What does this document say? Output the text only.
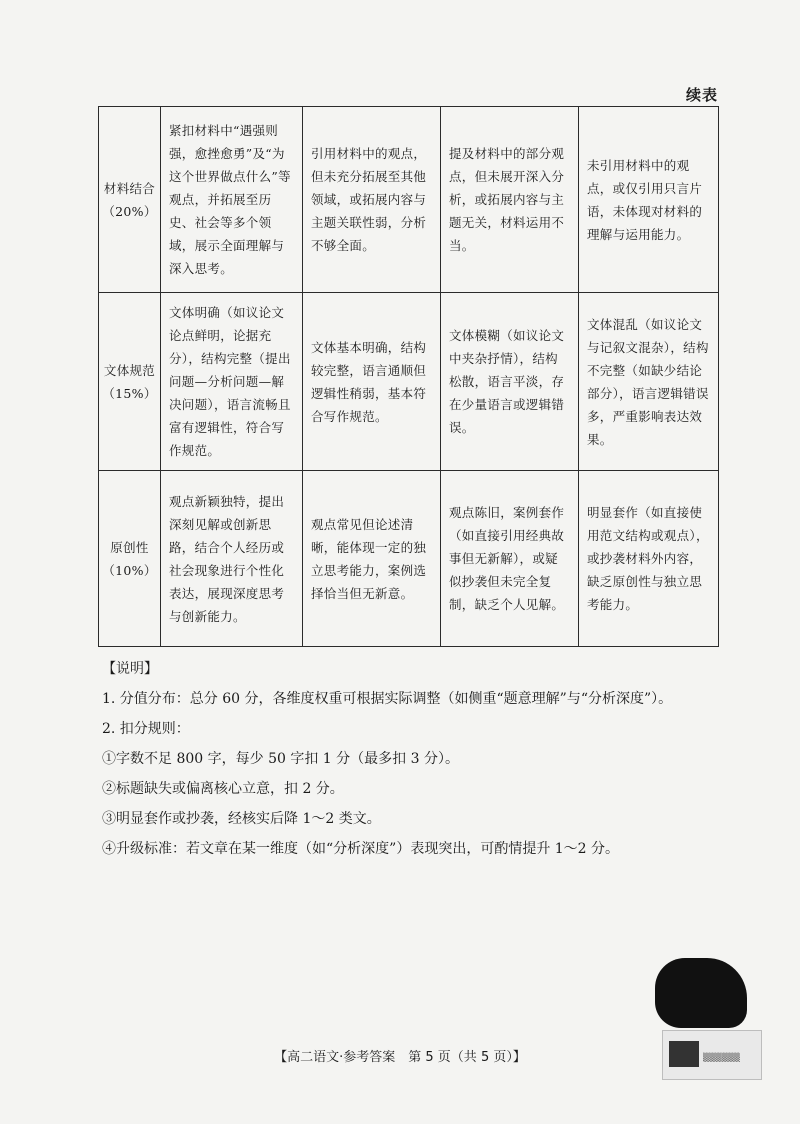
续表
材料结合
（20%）	紧扣材料中“遇强则强，愈挫愈勇”及“为这个世界做点什么”等观点，并拓展至历史、社会等多个领域，展示全面理解与深入思考。	引用材料中的观点，但未充分拓展至其他领域，或拓展内容与主题关联性弱，分析不够全面。	提及材料中的部分观点，但未展开深入分析，或拓展内容与主题无关，材料运用不当。	未引用材料中的观点，或仅引用只言片语，未体现对材料的理解与运用能力。

文体规范
（15%）	文体明确（如议论文论点鲜明，论据充分），结构完整（提出问题—分析问题—解决问题），语言流畅且富有逻辑性，符合写作规范。	文体基本明确，结构较完整，语言通顺但逻辑性稍弱，基本符合写作规范。	文体模糊（如议论文中夹杂抒情），结构松散，语言平淡，存在少量语言或逻辑错误。	文体混乱（如议论文与记叙文混杂），结构不完整（如缺少结论部分），语言逻辑错误多，严重影响表达效果。

原创性
（10%）	观点新颖独特，提出深刻见解或创新思路，结合个人经历或社会现象进行个性化表达，展现深度思考与创新能力。	观点常见但论述清晰，能体现一定的独立思考能力，案例选择恰当但无新意。	观点陈旧，案例套作（如直接引用经典故事但无新解），或疑似抄袭但未完全复制，缺乏个人见解。	明显套作（如直接使用范文结构或观点），或抄袭材料外内容，缺乏原创性与独立思考能力。
【说明】
1. 分值分布：总分 60 分，各维度权重可根据实际调整（如侧重“题意理解”与“分析深度”）。
2. 扣分规则：
①字数不足 800 字，每少 50 字扣 1 分（最多扣 3 分）。
②标题缺失或偏离核心立意，扣 2 分。
③明显套作或抄袭，经核实后降 1～2 类文。
④升级标准：若文章在某一维度（如“分析深度”）表现突出，可酌情提升 1～2 分。
▒▒▒▒▒▒
【高二语文·参考答案　第 5 页（共 5 页）】
